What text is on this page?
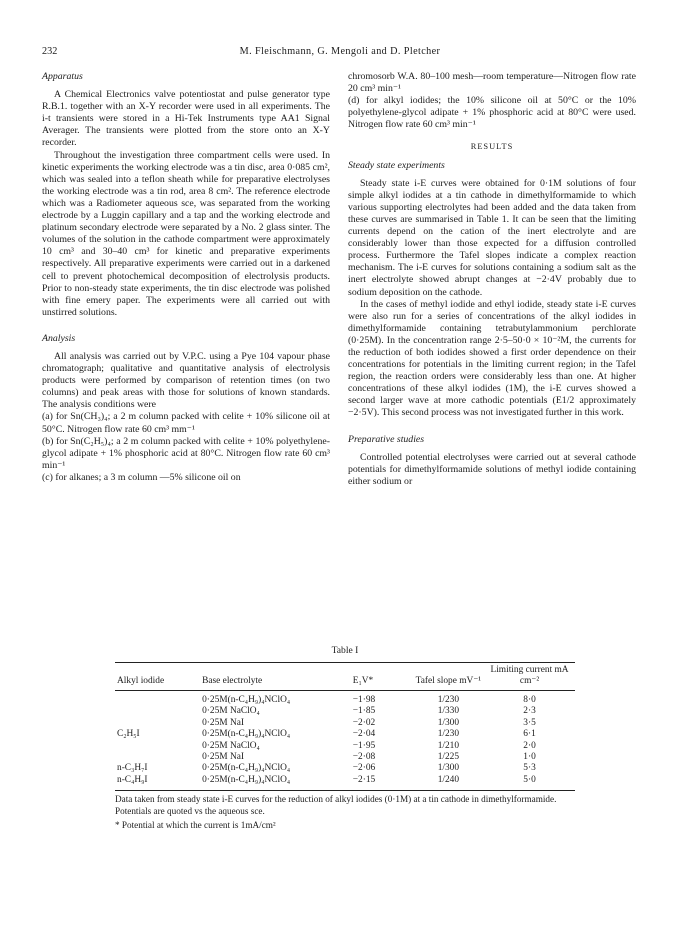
232	M. Fleischmann, G. Mengoli and D. Pletcher
Apparatus

A Chemical Electronics valve potentiostat and pulse generator type R.B.1. together with an X-Y recorder were used in all experiments. The i-t transients were stored in a Hi-Tek Instruments type AA1 Signal Averager. The transients were plotted from the store onto an X-Y recorder.

Throughout the investigation three compartment cells were used. In kinetic experiments the working electrode was a tin disc, area 0·085 cm², which was sealed into a teflon sheath while for preparative electrolyses the working electrode was a tin rod, area 8 cm². The reference electrode which was a Radiometer aqueous sce, was separated from the working electrode by a Luggin capillary and a tap and the working electrode and platinum secondary electrode were separated by a No. 2 glass sinter. The volumes of the solution in the cathode compartment were approximately 10 cm³ and 30–40 cm³ for kinetic and preparative experiments respectively. All preparative experiments were carried out in a darkened cell to prevent photochemical decomposition of electrolysis products. Prior to non-steady state experiments, the tin disc electrode was polished with fine emery paper. The experiments were all carried out with unstirred solutions.

Analysis

All analysis was carried out by V.P.C. using a Pye 104 vapour phase chromatograph; qualitative and quantitative analysis of electrolysis products were performed by comparison of retention times (on two columns) and peak areas with those for solutions of known standards. The analysis conditions were

(a) for Sn(CH₃)₄; a 2 m column packed with celite + 10% silicone oil at 50°C. Nitrogen flow rate 60 cm³ mm⁻¹

(b) for Sn(C₂H₅)₄; a 2 m column packed with celite + 10% polyethylene-glycol adipate + 1% phosphoric acid at 80°C. Nitrogen flow rate 60 cm³ min⁻¹

(c) for alkanes; a 3 m column —5% silicone oil on

chromosorb W.A. 80–100 mesh—room temperature—Nitrogen flow rate 20 cm³ min⁻¹

(d) for alkyl iodides; the 10% silicone oil at 50°C or the 10% polyethylene-glycol adipate + 1% phosphoric acid at 80°C were used. Nitrogen flow rate 60 cm³ min⁻¹

RESULTS
Steady state experiments

Steady state i-E curves were obtained for 0·1M solutions of four simple alkyl iodides at a tin cathode in dimethylformamide to which various supporting electrolytes had been added and the data taken from these curves are summarised in Table 1. It can be seen that the limiting currents depend on the cation of the inert electrolyte and are considerably lower than those expected for a diffusion controlled process. Furthermore the Tafel slopes indicate a complex reaction mechanism. The i-E curves for solutions containing a sodium salt as the inert electrolyte showed abrupt changes at −2·4V probably due to sodium deposition on the cathode.

In the cases of methyl iodide and ethyl iodide, steady state i-E curves were also run for a series of concentrations of the alkyl iodides in dimethylformamide containing tetrabutylammonium perchlorate (0·25M). In the concentration range 2·5–50·0 × 10⁻²M, the currents for the reduction of both iodides showed a first order dependence on their concentrations for potentials in the limiting current region; in the Tafel region, the reaction orders were considerably less than one. At higher concentrations of these alkyl iodides (1M), the i-E curves showed a second larger wave at more cathodic potentials (E1/2 approximately −2·5V). This second process was not investigated further in this work.

Preparative studies

Controlled potential electrolyses were carried out at several cathode potentials for dimethylformamide solutions of methyl iodide containing either sodium or

Table I
Alkyl iodide	Base electrolyte	E₁V*	Tafel slope mV⁻¹	Limiting current mA cm⁻²
	0·25M(n-C₄H₉)₄NClO₄	−1·98	1/230	8·0
	0·25M NaClO₄	−1·85	1/330	2·3
	0·25M NaI	−2·02	1/300	3·5
C₂H₅I	0·25M(n-C₄H₉)₄NClO₄	−2·04	1/230	6·1
	0·25M NaClO₄	−1·95	1/210	2·0
	0·25M NaI	−2·08	1/225	1·0
n-C₃H₇I	0·25M(n-C₄H₉)₄NClO₄	−2·06	1/300	5·3
n-C₄H₉I	0·25M(n-C₄H₉)₄NClO₄	−2·15	1/240	5·0
Data taken from steady state i-E curves for the reduction of alkyl iodides (0·1M) at a tin cathode in dimethylformamide. Potentials are quoted vs the aqueous sce.
* Potential at which the current is 1mA/cm²
